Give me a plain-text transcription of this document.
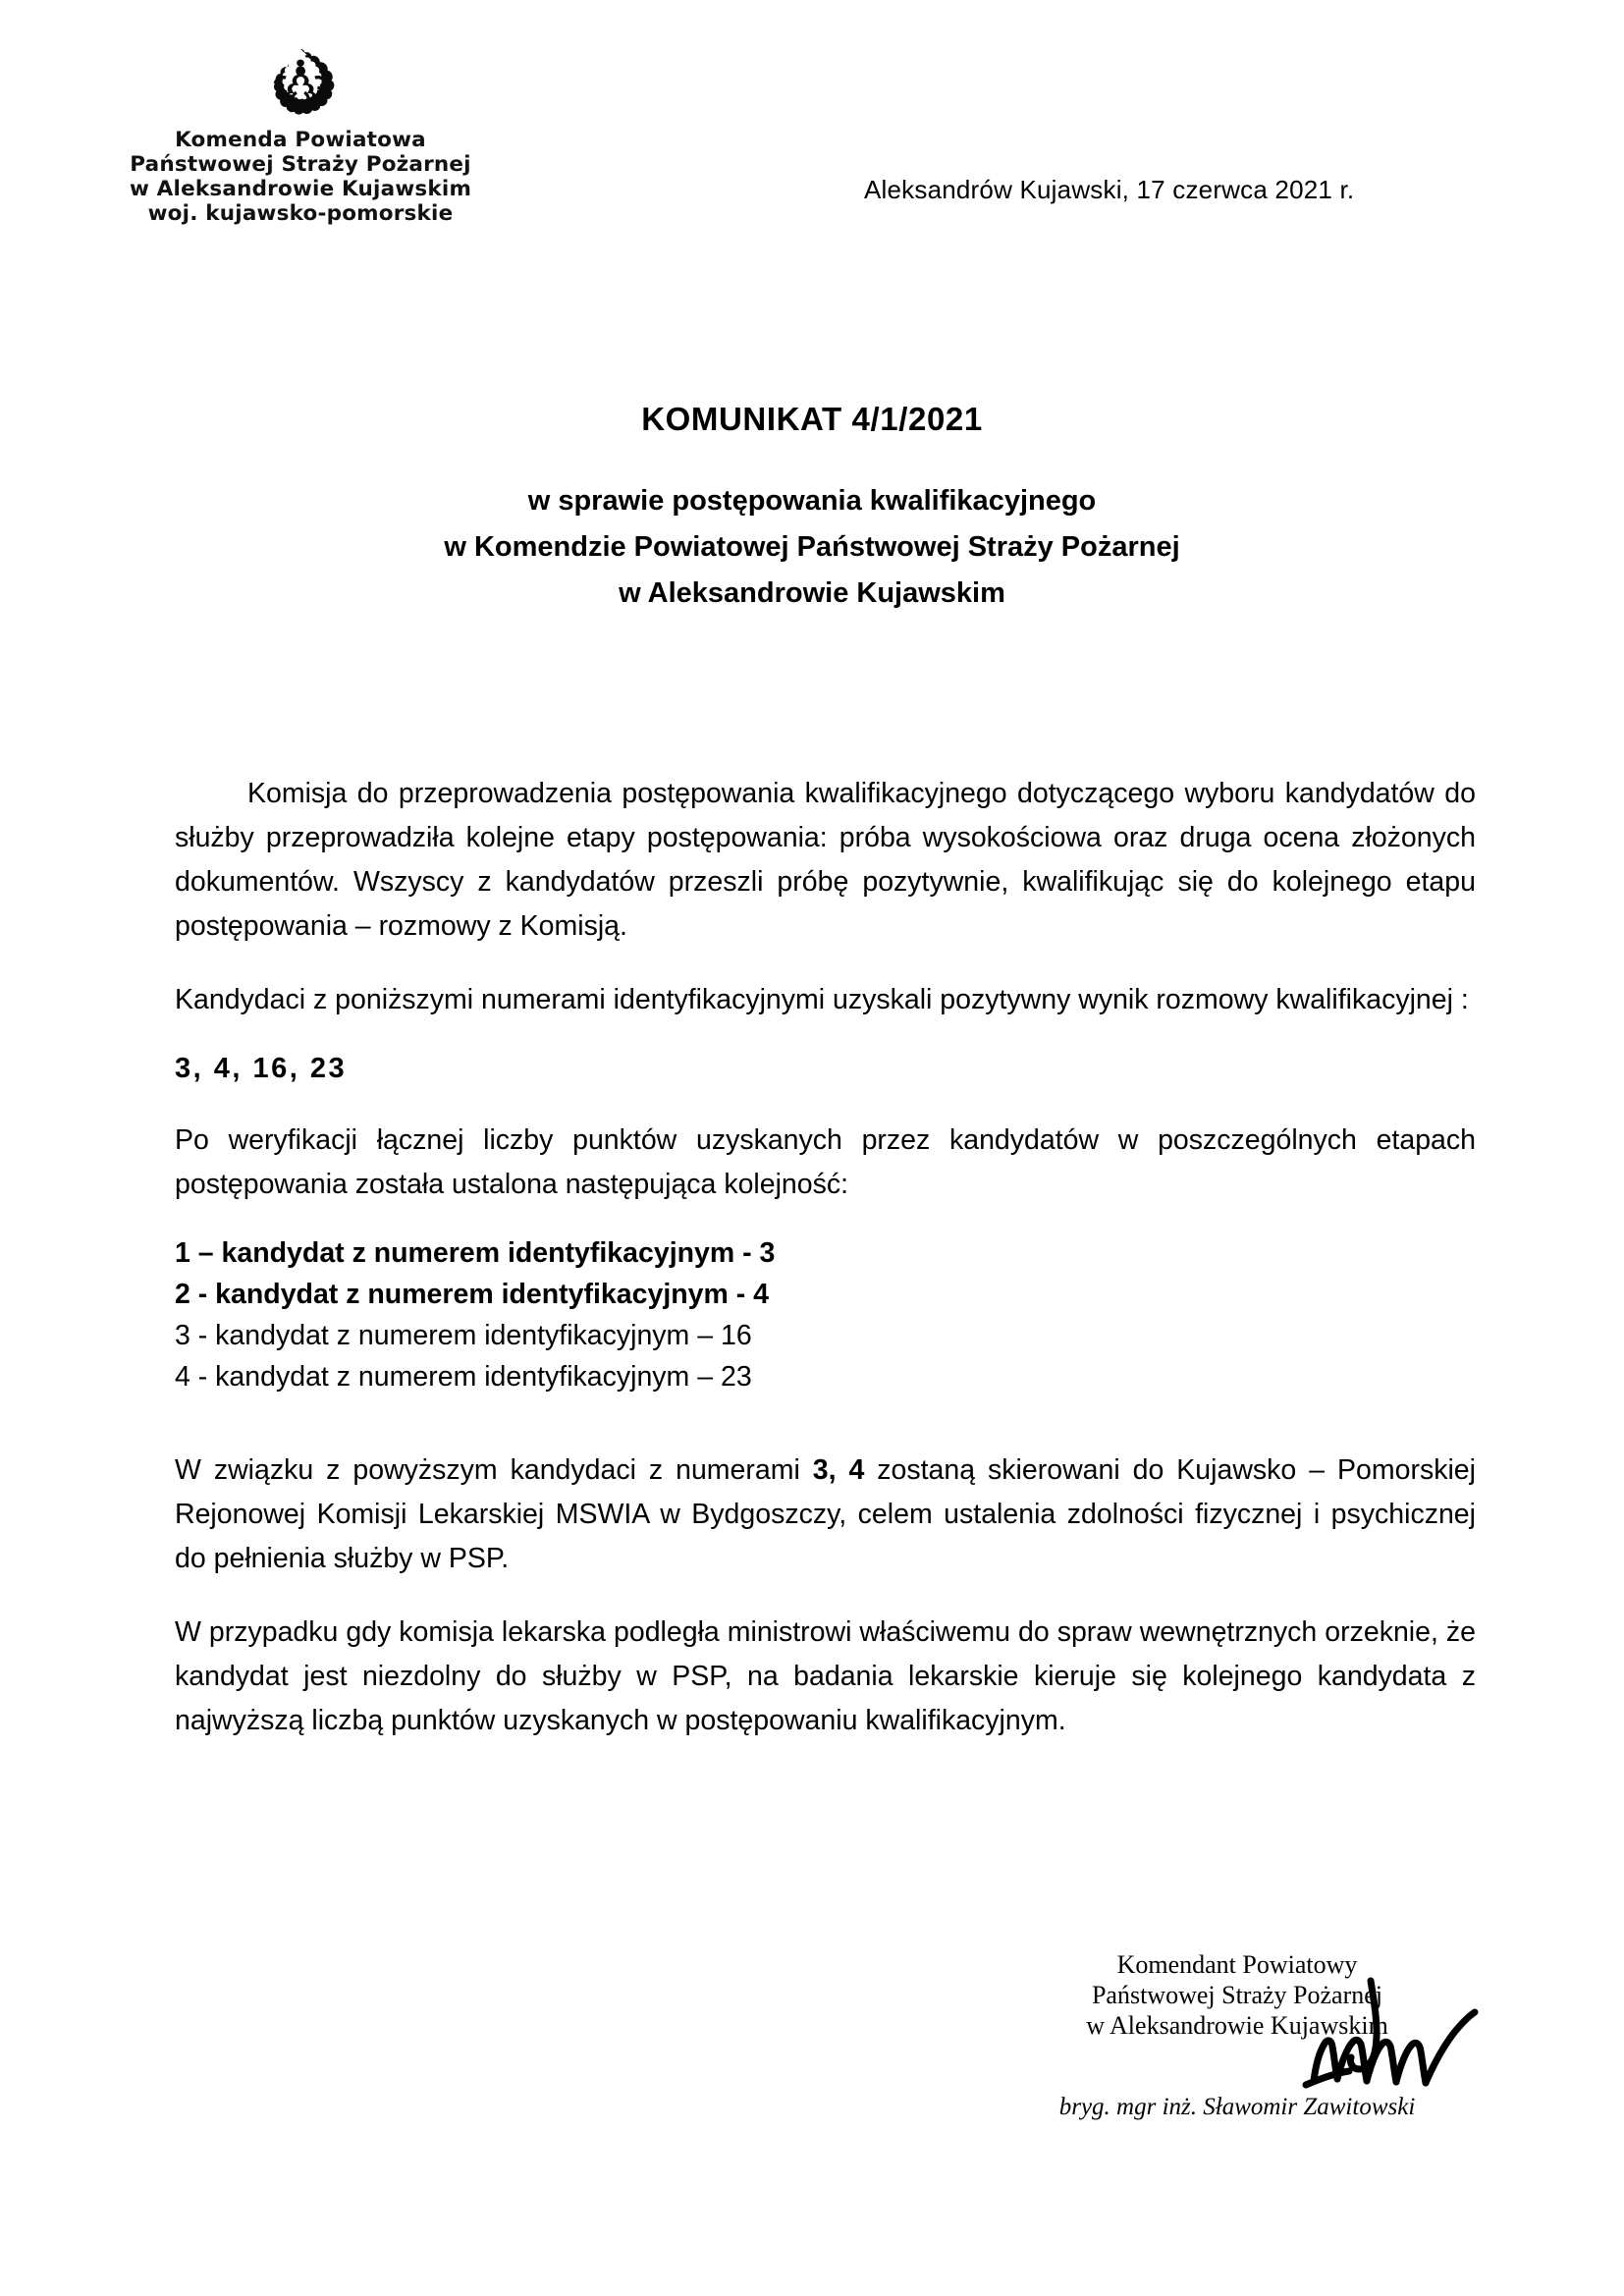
Komenda Powiatowa
Państwowej Straży Pożarnej
w Aleksandrowie Kujawskim
woj. kujawsko-pomorskie
Aleksandrów Kujawski, 17 czerwca 2021 r.
KOMUNIKAT 4/1/2021
w sprawie postępowania kwalifikacyjnego
w Komendzie Powiatowej Państwowej Straży Pożarnej
w Aleksandrowie Kujawskim

Komisja do przeprowadzenia postępowania kwalifikacyjnego dotyczącego wyboru kandydatów do służby przeprowadziła kolejne etapy postępowania: próba wysokościowa oraz druga ocena złożonych dokumentów. Wszyscy z kandydatów przeszli próbę pozytywnie, kwalifikując się do kolejnego etapu postępowania – rozmowy z Komisją.

Kandydaci z poniższymi numerami identyfikacyjnymi uzyskali pozytywny wynik rozmowy kwalifikacyjnej :

3, 4, 16, 23

Po weryfikacji łącznej liczby punktów uzyskanych przez kandydatów w poszczególnych etapach postępowania została ustalona następująca kolejność:

1 – kandydat z numerem identyfikacyjnym - 3
2 - kandydat z numerem identyfikacyjnym - 4
3 - kandydat z numerem identyfikacyjnym – 16
4 - kandydat z numerem identyfikacyjnym – 23

W związku z powyższym kandydaci z numerami 3, 4 zostaną skierowani do Kujawsko – Pomorskiej Rejonowej Komisji Lekarskiej MSWIA w Bydgoszczy, celem ustalenia zdolności fizycznej i psychicznej do pełnienia służby w PSP.

W przypadku gdy komisja lekarska podległa ministrowi właściwemu do spraw wewnętrznych orzeknie, że kandydat jest niezdolny do służby w PSP, na badania lekarskie kieruje się kolejnego kandydata z najwyższą liczbą punktów uzyskanych w postępowaniu kwalifikacyjnym.

Komendant Powiatowy
Państwowej Straży Pożarnej
w Aleksandrowie Kujawskim
bryg. mgr inż. Sławomir Zawitowski
